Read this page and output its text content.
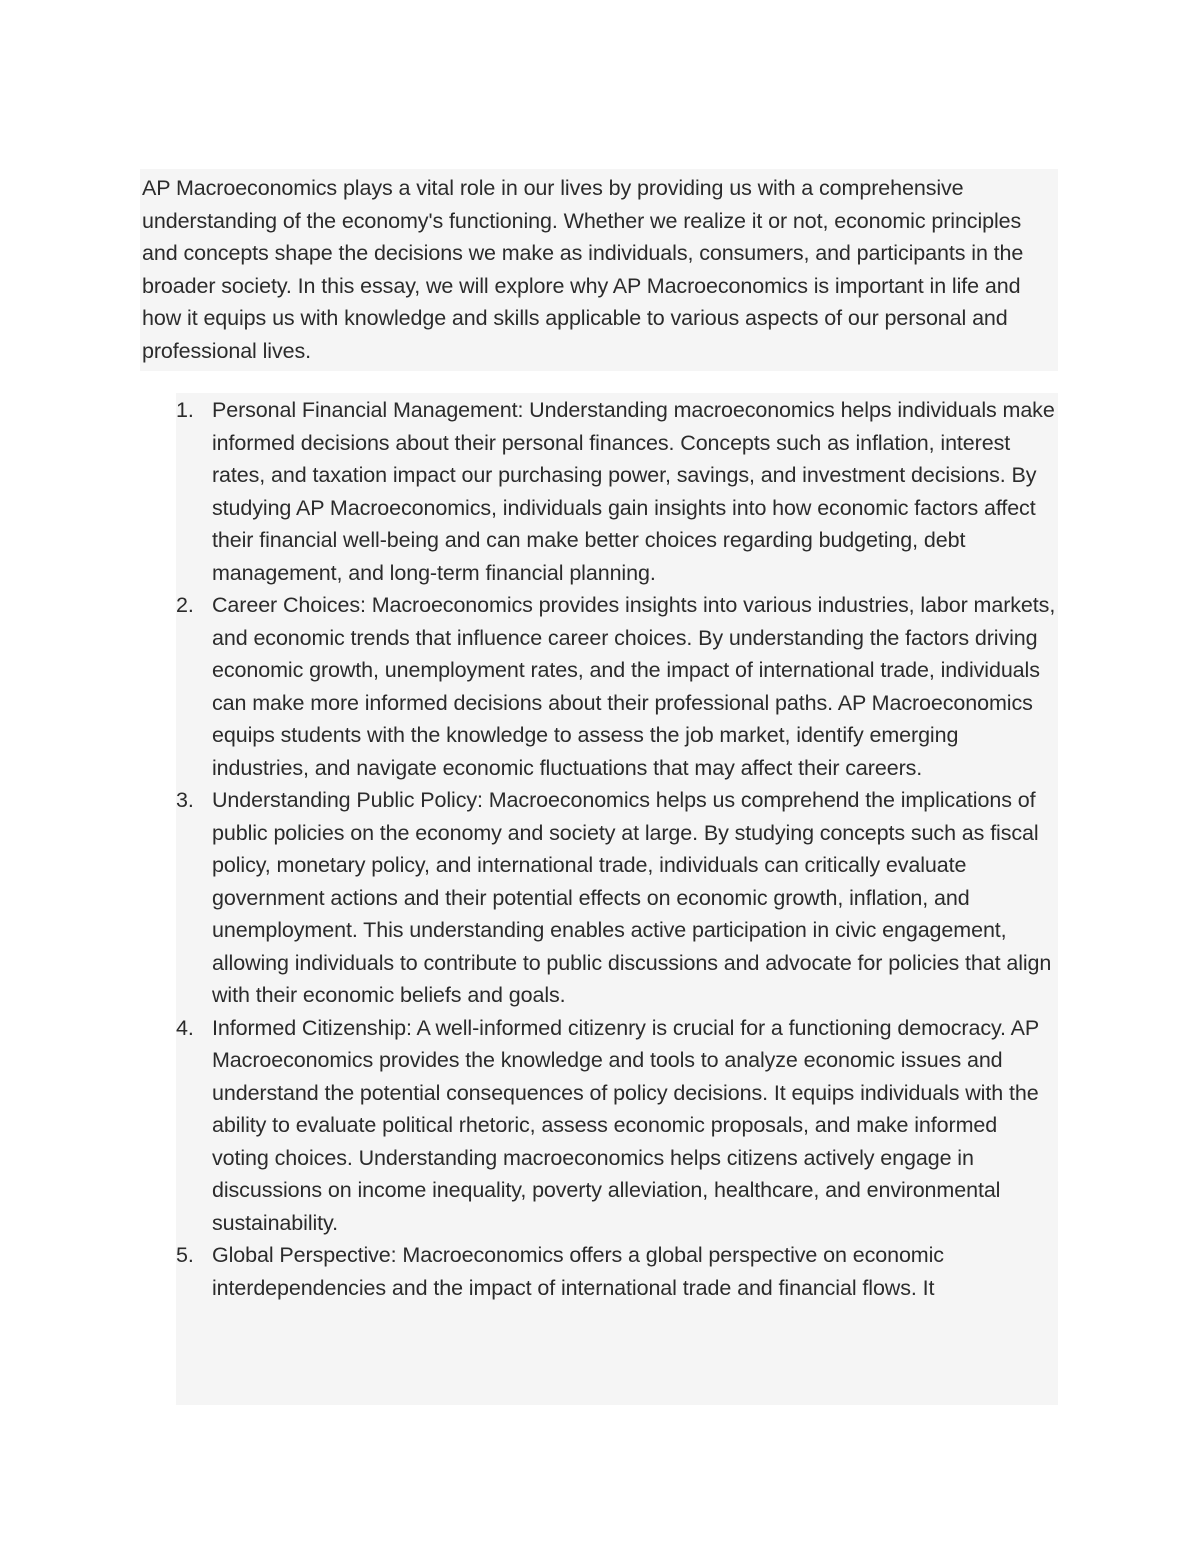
AP Macroeconomics plays a vital role in our lives by providing us with a comprehensive understanding of the economy's functioning. Whether we realize it or not, economic principles and concepts shape the decisions we make as individuals, consumers, and participants in the broader society. In this essay, we will explore why AP Macroeconomics is important in life and how it equips us with knowledge and skills applicable to various aspects of our personal and professional lives.
1. Personal Financial Management: Understanding macroeconomics helps individuals make informed decisions about their personal finances. Concepts such as inflation, interest rates, and taxation impact our purchasing power, savings, and investment decisions. By studying AP Macroeconomics, individuals gain insights into how economic factors affect their financial well-being and can make better choices regarding budgeting, debt management, and long-term financial planning.
2. Career Choices: Macroeconomics provides insights into various industries, labor markets, and economic trends that influence career choices. By understanding the factors driving economic growth, unemployment rates, and the impact of international trade, individuals can make more informed decisions about their professional paths. AP Macroeconomics equips students with the knowledge to assess the job market, identify emerging industries, and navigate economic fluctuations that may affect their careers.
3. Understanding Public Policy: Macroeconomics helps us comprehend the implications of public policies on the economy and society at large. By studying concepts such as fiscal policy, monetary policy, and international trade, individuals can critically evaluate government actions and their potential effects on economic growth, inflation, and unemployment. This understanding enables active participation in civic engagement, allowing individuals to contribute to public discussions and advocate for policies that align with their economic beliefs and goals.
4. Informed Citizenship: A well-informed citizenry is crucial for a functioning democracy. AP Macroeconomics provides the knowledge and tools to analyze economic issues and understand the potential consequences of policy decisions. It equips individuals with the ability to evaluate political rhetoric, assess economic proposals, and make informed voting choices. Understanding macroeconomics helps citizens actively engage in discussions on income inequality, poverty alleviation, healthcare, and environmental sustainability.
5. Global Perspective: Macroeconomics offers a global perspective on economic interdependencies and the impact of international trade and financial flows. It
